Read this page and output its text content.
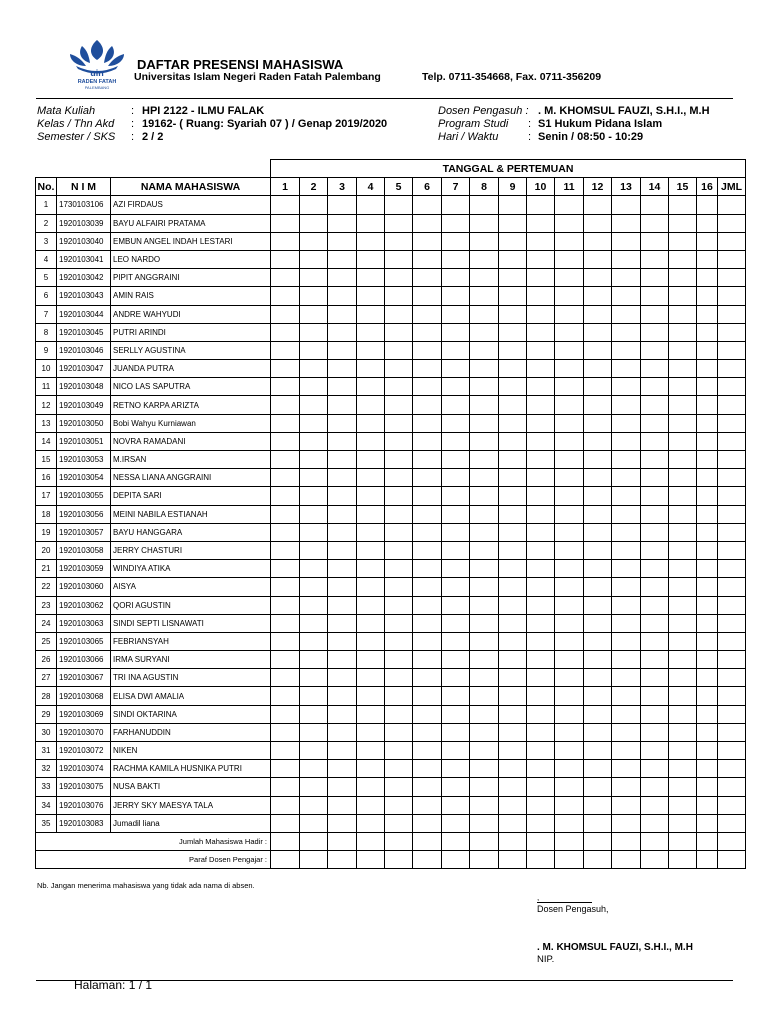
uin
RADEN FATAH
PALEMBANG
DAFTAR PRESENSI MAHASISWA
Universitas Islam Negeri Raden Fatah Palembang	Telp. 0711-354668, Fax. 0711-356209
Mata Kuliah	: HPI 2122 - ILMU FALAK
Kelas / Thn Akd : 19162- ( Ruang: Syariah 07 ) / Genap 2019/2020
Semester / SKS : 2 / 2
Dosen Pengasuh : . M. KHOMSUL FAUZI, S.H.I., M.H
Program Studi : S1 Hukum Pidana Islam
Hari / Waktu	: Senin / 08:50 - 10:29
			TANGGAL & PERTEMUAN																
No.	N I M	NAMA MAHASISWA	1	2	3	4	5	6	7	8	9	10	11	12	13	14	15	16	JML
1	1730103106	AZI FIRDAUS																	
2	1920103039	BAYU ALFAIRI PRATAMA																	
3	1920103040	EMBUN ANGEL INDAH LESTARI																	
4	1920103041	LEO NARDO																	
5	1920103042	PIPIT ANGGRAINI																	
6	1920103043	AMIN RAIS																	
7	1920103044	ANDRE WAHYUDI																	
8	1920103045	PUTRI ARINDI																	
9	1920103046	SERLLY AGUSTINA																	
10	1920103047	JUANDA PUTRA																	
11	1920103048	NICO LAS SAPUTRA																	
12	1920103049	RETNO KARPA ARIZTA																	
13	1920103050	Bobi Wahyu Kurniawan																	
14	1920103051	NOVRA RAMADANI																	
15	1920103053	M.IRSAN																	
16	1920103054	NESSA LIANA ANGGRAINI																	
17	1920103055	DEPITA SARI																	
18	1920103056	MEINI NABILA ESTIANAH																	
19	1920103057	BAYU HANGGARA																	
20	1920103058	JERRY CHASTURI																	
21	1920103059	WINDIYA ATIKA																	
22	1920103060	AISYA																	
23	1920103062	QORI AGUSTIN																	
24	1920103063	SINDI SEPTI LISNAWATI																	
25	1920103065	FEBRIANSYAH																	
26	1920103066	IRMA SURYANI																	
27	1920103067	TRI INA AGUSTIN																	
28	1920103068	ELISA DWI AMALIA																	
29	1920103069	SINDI OKTARINA																	
30	1920103070	FARHANUDDIN																	
31	1920103072	NIKEN																	
32	1920103074	RACHMA KAMILA HUSNIKA PUTRI																	
33	1920103075	NUSA BAKTI																	
34	1920103076	JERRY SKY MAESYA TALA																	
35	1920103083	Jumadil liana																	
Jumlah Mahasiswa Hadir :																			
Paraf Dosen Pengajar :																			
Nb. Jangan menerima mahasiswa yang tidak ada nama di absen.
,
Dosen Pengasuh,
. M. KHOMSUL FAUZI, S.H.I., M.H
NIP.
Halaman: 1 / 1
